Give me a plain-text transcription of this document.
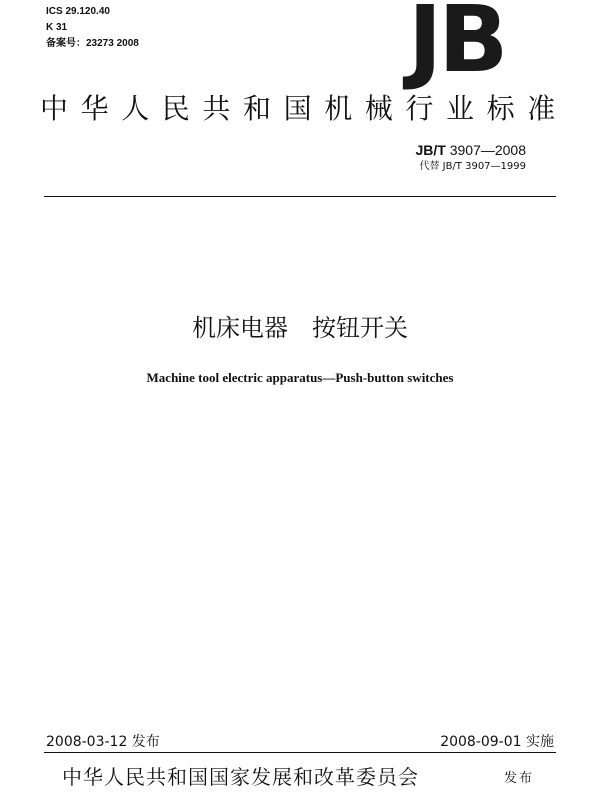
ICS 29.120.40
K 31
备案号：23273 2008	JB
中华人民共和国机械行业标准
JB/T 3907—2008
代替 JB/T 3907—1999
机床电器　按钮开关
Machine tool electric apparatus—Push-button switches
2008-03-12 发布	2008-09-01 实施
中华人民共和国国家发展和改革委员会	发布
